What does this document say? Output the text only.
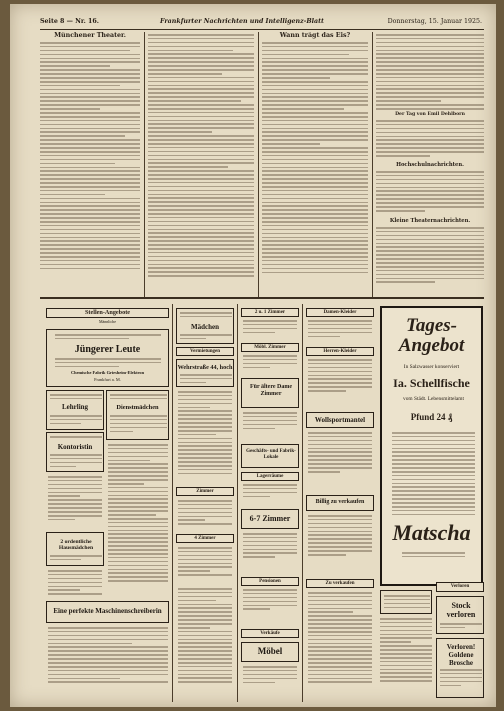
Seite 8 — Nr. 16.	Frankfurter Nachrichten und Intelligenz-Blatt	Donnerstag, 15. Januar 1925.
Münchener Theater.	Wann trägt das Eis?
Der Tag von Emil Dehlborn
Hochschulnachrichten.
Kleine Theaternachrichten.
Stellen-Angebote
Männliche
Jüngerer Leute
Chemische Fabrik Griesheim-Elektron
Frankfurt a. M.
Lehrling
Kontoristin
2 ordentliche Hausmädchen
Dienstmädchen
Eine perfekte Maschinenschreiberin
Mädchen
Vermietungen
Wehrstraße 44, hoch
Zimmer
4 Zimmer
2 u. 1 Zimmer
Möbl. Zimmer
Für ältere Dame Zimmer
Geschäfts- und Fabrik-Lokale
Lagerräume
6-7 Zimmer
Pensionen
Verkäufe
Möbel
Damen-Kleider
Herren-Kleider
Wollsportmantel
Billig zu verkaufen
Zu verkaufen
Tages-Angebot
In Salzwasser konserviert
Ia. Schellfische
vom Städt. Lebensmittelamt
Pfund 24 ₰
Matscha
Verloren
Stock verloren
Verloren! Goldene Brosche
